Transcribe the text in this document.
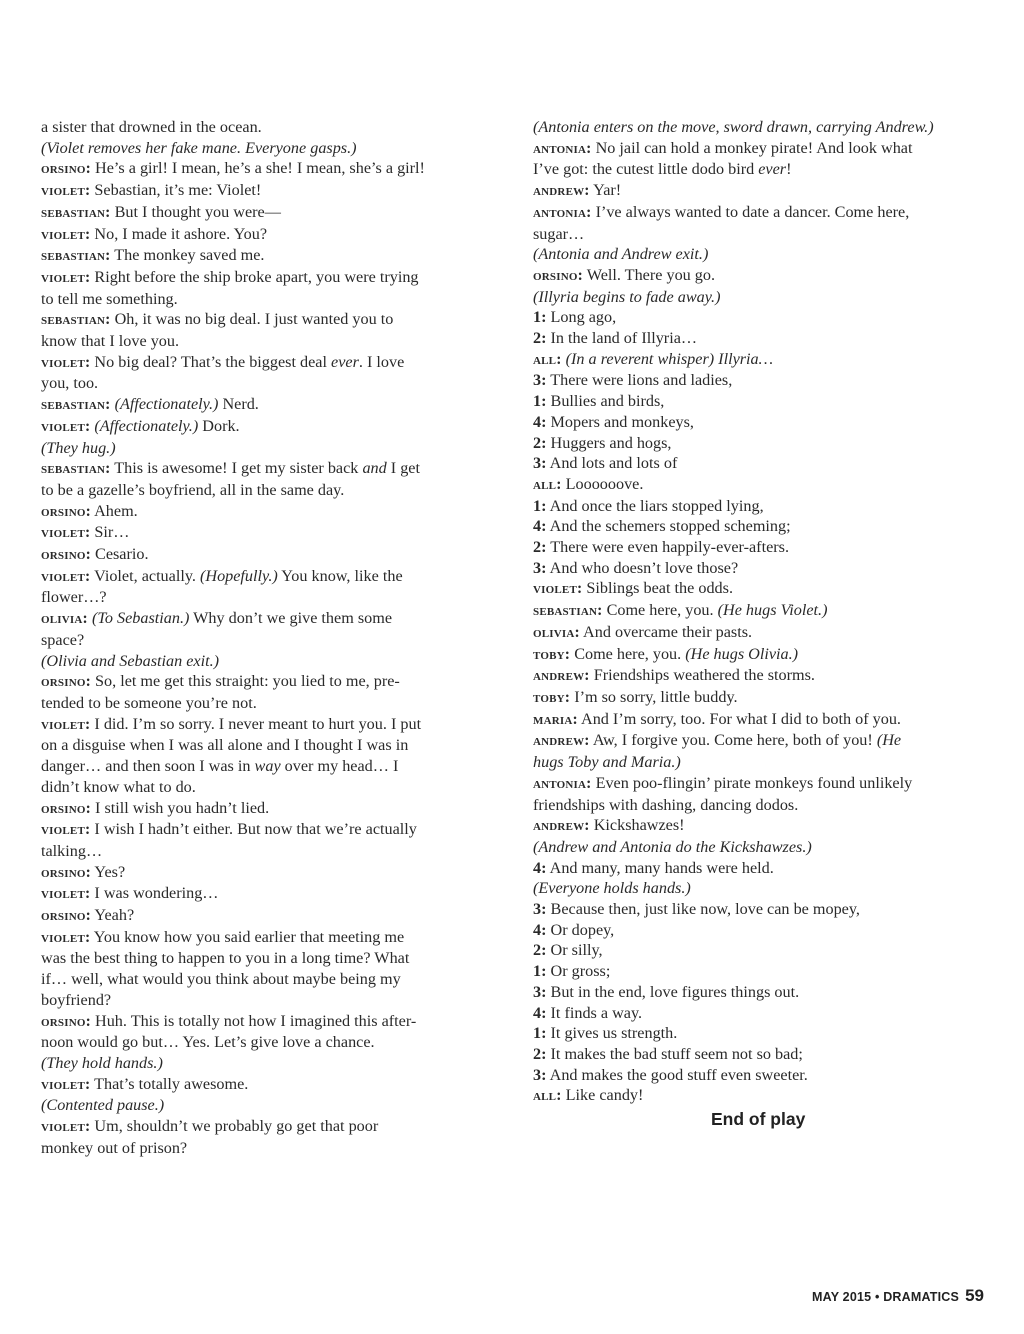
a sister that drowned in the ocean.

(Violet removes her fake mane. Everyone gasps.)

orsino: He’s a girl! I mean, he’s a she! I mean, she’s a girl!

violet: Sebastian, it’s me: Violet!

sebastian: But I thought you were—

violet: No, I made it ashore. You?

sebastian: The monkey saved me.

violet: Right before the ship broke apart, you were trying

to tell me something.

sebastian: Oh, it was no big deal. I just wanted you to

know that I love you.

violet: No big deal? That’s the biggest deal ever. I love

you, too.

sebastian: (Affectionately.) Nerd.

violet: (Affectionately.) Dork.

(They hug.)

sebastian: This is awesome! I get my sister back and I get

to be a gazelle’s boyfriend, all in the same day.

orsino: Ahem.

violet: Sir…

orsino: Cesario.

violet: Violet, actually. (Hopefully.) You know, like the

flower…?

olivia: (To Sebastian.) Why don’t we give them some

space?

(Olivia and Sebastian exit.)

orsino: So, let me get this straight: you lied to me, pre-

tended to be someone you’re not.

violet: I did. I’m so sorry. I never meant to hurt you. I put

on a disguise when I was all alone and I thought I was in

danger… and then soon I was in way over my head… I

didn’t know what to do.

orsino: I still wish you hadn’t lied.

violet: I wish I hadn’t either. But now that we’re actually

talking…

orsino: Yes?

violet: I was wondering…

orsino: Yeah?

violet: You know how you said earlier that meeting me

was the best thing to happen to you in a long time? What

if… well, what would you think about maybe being my

boyfriend?

orsino: Huh. This is totally not how I imagined this after-

noon would go but… Yes. Let’s give love a chance.

(They hold hands.)

violet: That’s totally awesome.

(Contented pause.)

violet: Um, shouldn’t we probably go get that poor

monkey out of prison?

(Antonia enters on the move, sword drawn, carrying Andrew.)

antonia: No jail can hold a monkey pirate! And look what

I’ve got: the cutest little dodo bird ever!

andrew: Yar!

antonia: I’ve always wanted to date a dancer. Come here,

sugar…

(Antonia and Andrew exit.)

orsino: Well. There you go.

(Illyria begins to fade away.)

1: Long ago,

2: In the land of Illyria…

all: (In a reverent whisper) Illyria…

3: There were lions and ladies,

1: Bullies and birds,

4: Mopers and monkeys,

2: Huggers and hogs,

3: And lots and lots of

all: Loooooove.

1: And once the liars stopped lying,

4: And the schemers stopped scheming;

2: There were even happily-ever-afters.

3: And who doesn’t love those?

violet: Siblings beat the odds.

sebastian: Come here, you. (He hugs Violet.)

olivia: And overcame their pasts.

toby: Come here, you. (He hugs Olivia.)

andrew: Friendships weathered the storms.

toby: I’m so sorry, little buddy.

maria: And I’m sorry, too. For what I did to both of you.

andrew: Aw, I forgive you. Come here, both of you! (He

hugs Toby and Maria.)

antonia: Even poo-flingin’ pirate monkeys found unlikely

friendships with dashing, dancing dodos.

andrew: Kickshawzes!

(Andrew and Antonia do the Kickshawzes.)

4: And many, many hands were held.

(Everyone holds hands.)

3: Because then, just like now, love can be mopey,

4: Or dopey,

2: Or silly,

1: Or gross;

3: But in the end, love figures things out.

4: It finds a way.

1: It gives us strength.

2: It makes the bad stuff seem not so bad;

3: And makes the good stuff even sweeter.

all: Like candy!

End of play
MAY 2015 • DRAMATICS 59
